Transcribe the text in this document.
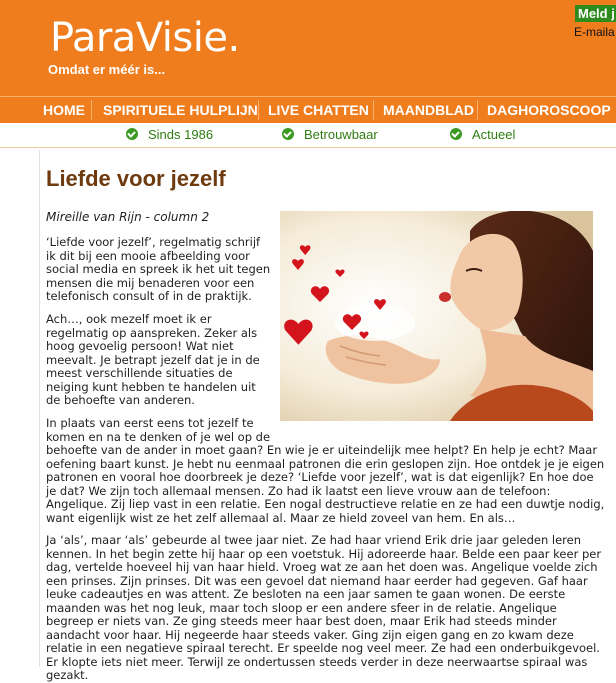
ParaVisie.
Omdat er méér is...
Meld j
E-maila
HOME SPIRITUELE HULPLIJN LIVE CHATTEN MAANDBLAD DAGHOROSCOOP
Sinds 1986	Betrouwbaar	Actueel
Liefde voor jezelf

Mireille van Rijn - column 2

‘Liefde voor jezelf’, regelmatig schrijf ik dit bij een mooie afbeelding voor social media en spreek ik het uit tegen mensen die mij benaderen voor een telefonisch consult of in de praktijk.

Ach…, ook mezelf moet ik er regelmatig op aanspreken. Zeker als hoog gevoelig persoon! Wat niet meevalt. Je betrapt jezelf dat je in de meest verschillende situaties de neiging kunt hebben te handelen uit de behoefte van anderen.

In plaats van eerst eens tot jezelf te komen en na te denken of je wel op de
behoefte van de ander in moet gaan? En wie je er uiteindelijk mee helpt? En help je echt? Maar oefening baart kunst. Je hebt nu eenmaal patronen die erin geslopen zijn. Hoe ontdek je je eigen patronen en vooral hoe doorbreek je deze? ‘Liefde voor jezelf’, wat is dat eigenlijk? En hoe doe je dat? We zijn toch allemaal mensen. Zo had ik laatst een lieve vrouw aan de telefoon: Angelique. Zij liep vast in een relatie. Een nogal destructieve relatie en ze had een duwtje nodig, want eigenlijk wist ze het zelf allemaal al. Maar ze hield zoveel van hem. En als…

Ja ‘als’, maar ‘als’ gebeurde al twee jaar niet. Ze had haar vriend Erik drie jaar geleden leren kennen. In het begin zette hij haar op een voetstuk. Hij adoreerde haar. Belde een paar keer per dag, vertelde hoeveel hij van haar hield. Vroeg wat ze aan het doen was. Angelique voelde zich een prinses. Zijn prinses. Dit was een gevoel dat niemand haar eerder had gegeven. Gaf haar leuke cadeautjes en was attent. Ze besloten na een jaar samen te gaan wonen. De eerste maanden was het nog leuk, maar toch sloop er een andere sfeer in de relatie. Angelique begreep er niets van. Ze ging steeds meer haar best doen, maar Erik had steeds minder aandacht voor haar. Hij negeerde haar steeds vaker. Ging zijn eigen gang en zo kwam deze relatie in een negatieve spiraal terecht. Er speelde nog veel meer. Ze had een onderbuikgevoel. Er klopte iets niet meer. Terwijl ze ondertussen steeds verder in deze neerwaartse spiraal was gezakt.
